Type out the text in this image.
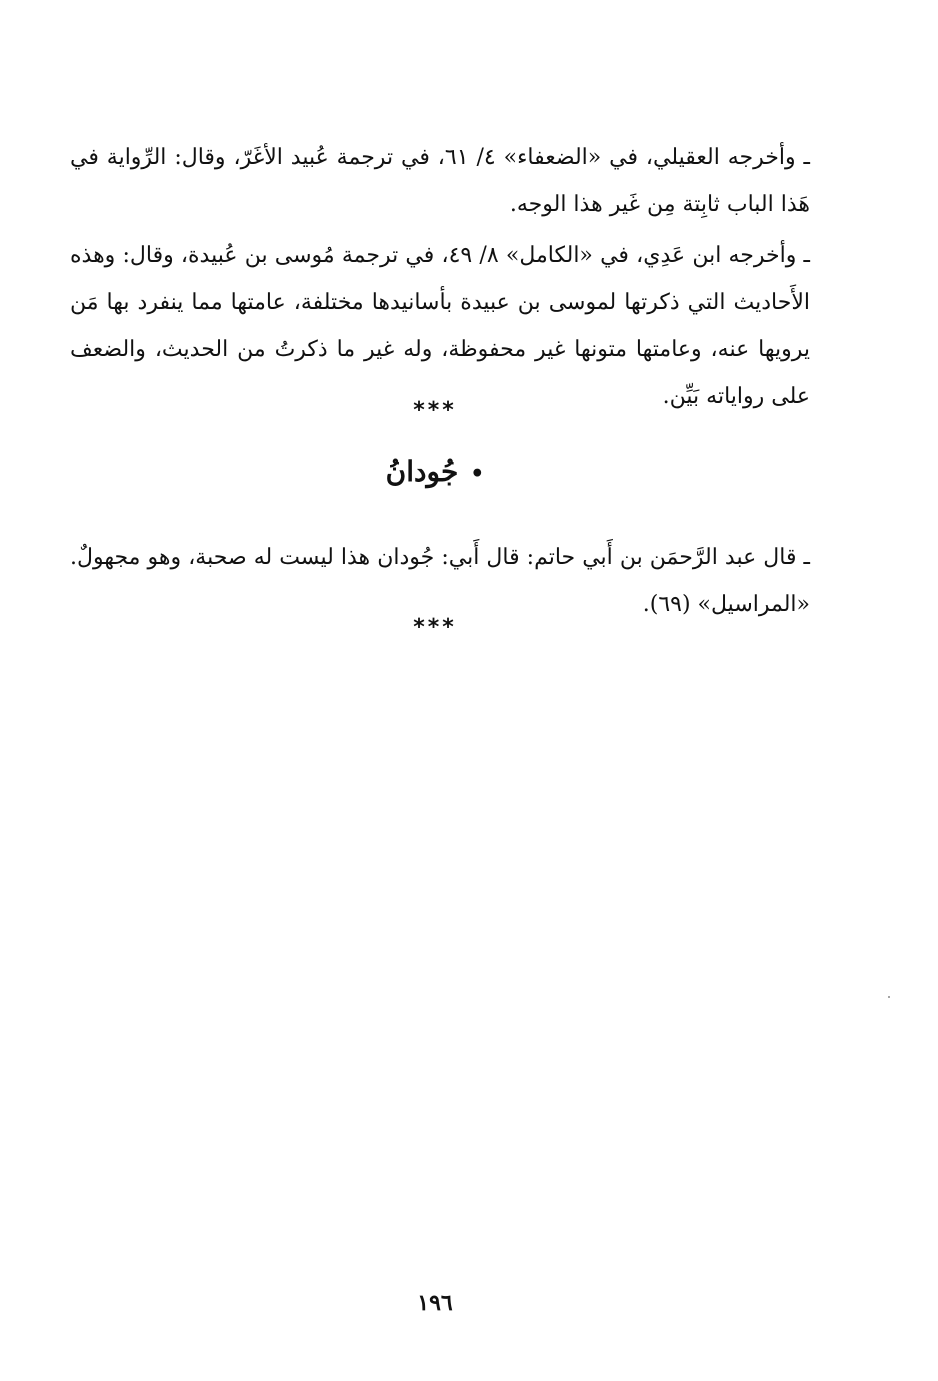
ـ وأخرجه العقيلي، في «الضعفاء» ٤/ ٦١، في ترجمة عُبيد الأغَرّ، وقال: الرِّواية في هَذا الباب ثابِتة مِن غَير هذا الوجه.

ـ وأخرجه ابن عَدِي، في «الكامل» ٨/ ٤٩، في ترجمة مُوسى بن عُبيدة، وقال: وهذه الأَحاديث التي ذكرتها لموسى بن عبيدة بأسانيدها مختلفة، عامتها مما ينفرد بها مَن يرويها عنه، وعامتها متونها غير محفوظة، وله غير ما ذكرتُ من الحديث، والضعف على رواياته بَيِّن.

***
•جُودانُ

ـ قال عبد الرَّحمَن بن أَبي حاتم: قال أَبي: جُودان هذا ليست له صحبة، وهو مجهولٌ. «المراسيل» (٦٩).

***
١٩٦
